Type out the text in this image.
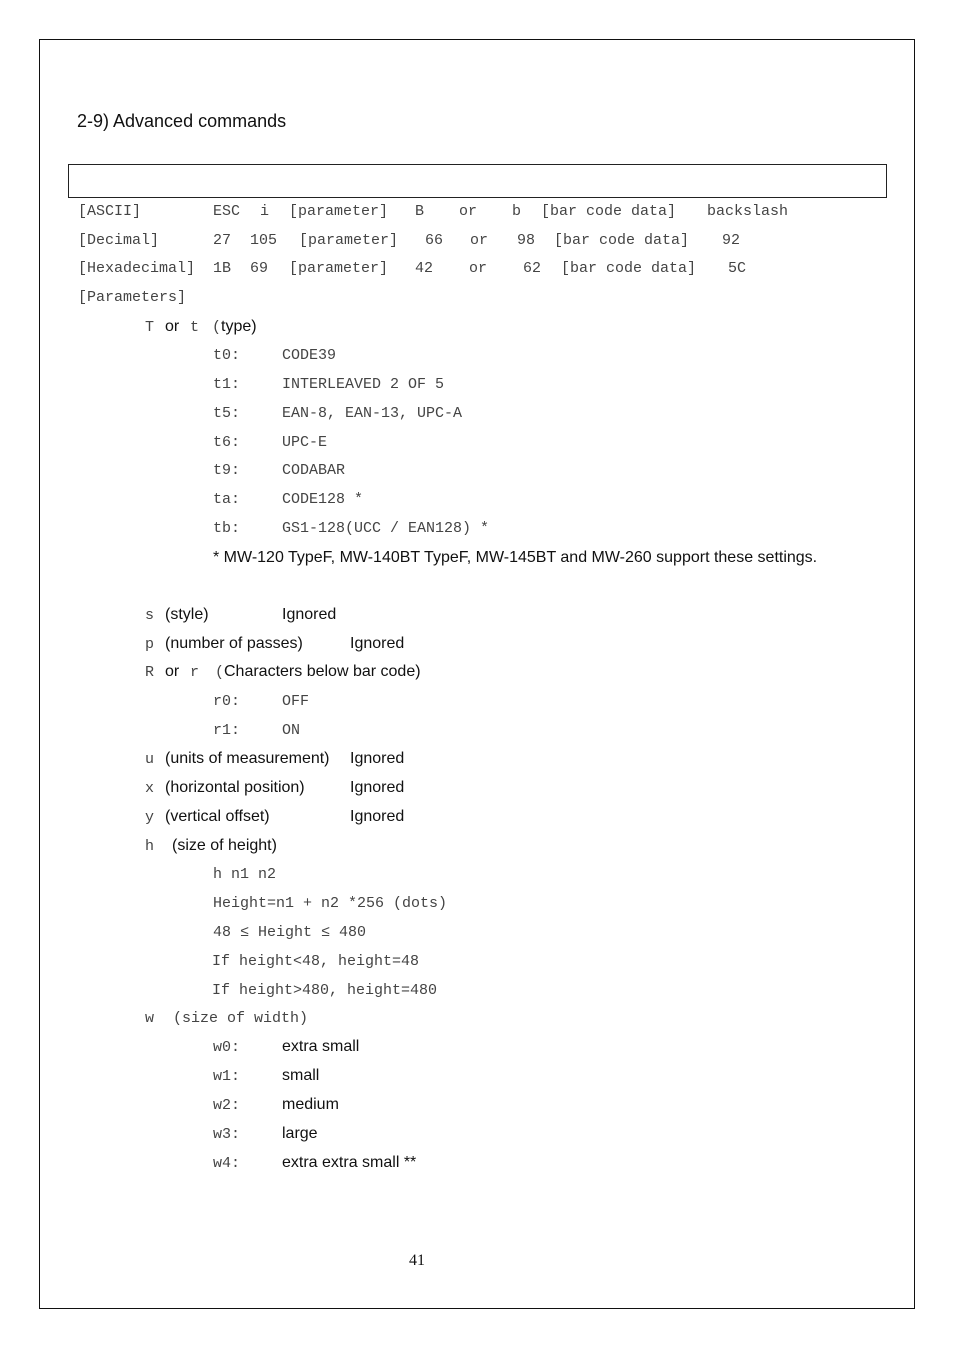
2-9) Advanced commands
[ASCII]	ESC i [parameter] B or b [bar code data] backslash
[Decimal]	27 105 [parameter] 66 or 98 [bar code data] 92
[Hexadecimal] 1B 69 [parameter] 42 or 62 [bar code data] 5C
[Parameters]
T or t ( type)
t0:	CODE39
t1:	INTERLEAVED 2 OF 5
t5:	EAN-8, EAN-13, UPC-A
t6:	UPC-E
t9:	CODABAR
ta:	CODE128 *
tb:	GS1-128(UCC / EAN128) *
* MW-120 TypeF, MW-140BT TypeF, MW-145BT and MW-260 support these settings.
s (style)	Ignored
p (number of passes)	Ignored
R or r ( Characters below bar code)
r0:	OFF
r1:	ON
u (units of measurement) Ignored
x (horizontal position)	Ignored
y (vertical offset)	Ignored
h (size of height)
h n1 n2
Height=n1 + n2 *256 (dots)
48 ≤ Height ≤ 480
If height<48, height=48
If height>480, height=480
w (size of width)
w0:	extra small
w1:	small
w2:	medium
w3:	large
w4:	extra extra small **
41
